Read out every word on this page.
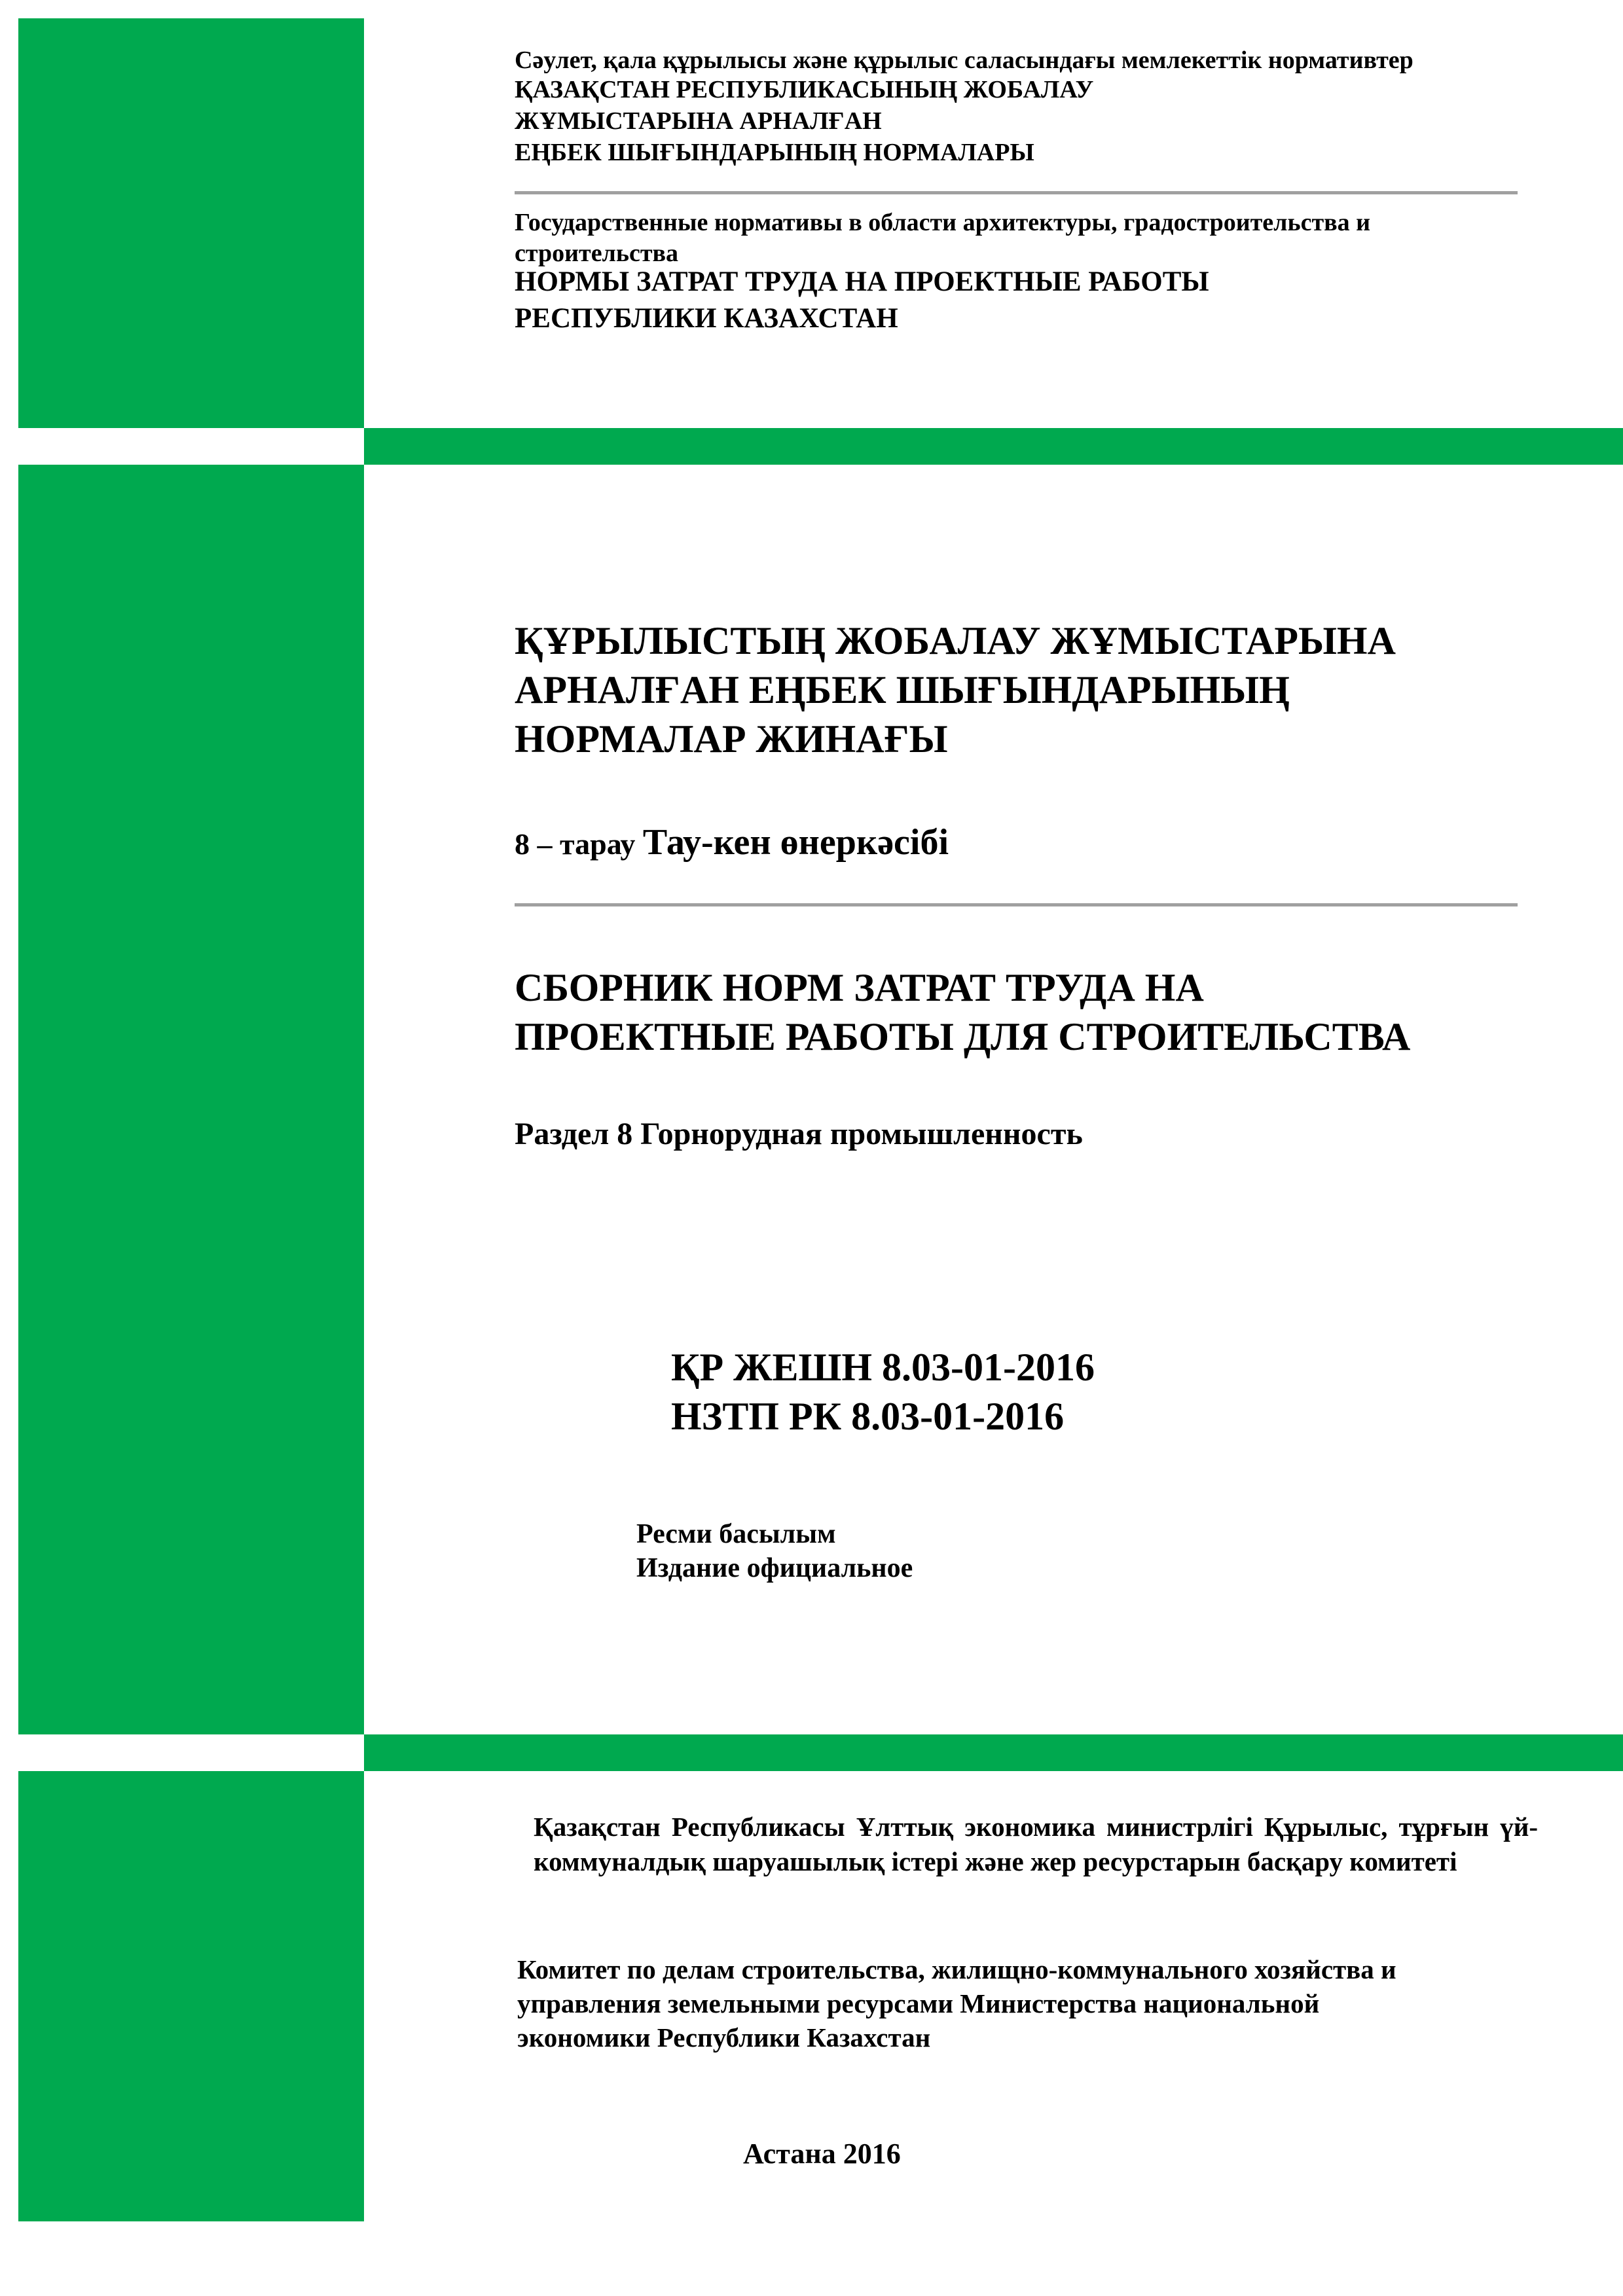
Сәулет, қала құрылысы және құрылыс саласындағы мемлекеттік нормативтер

ҚАЗАҚСТАН РЕСПУБЛИКАСЫНЫҢ ЖОБАЛАУ

ЖҰМЫСТАРЫНА АРНАЛҒАН

ЕҢБЕК ШЫҒЫНДАРЫНЫҢ НОРМАЛАРЫ

Государственные нормативы в области архитектуры, градостроительства и

строительства

НОРМЫ ЗАТРАТ ТРУДА НА ПРОЕКТНЫЕ РАБОТЫ

РЕСПУБЛИКИ КАЗАХСТАН

ҚҰРЫЛЫСТЫҢ ЖОБАЛАУ ЖҰМЫСТАРЫНА

АРНАЛҒАН ЕҢБЕК ШЫҒЫНДАРЫНЫҢ

НОРМАЛАР ЖИНАҒЫ

8 – тарау Тау-кен өнеркәсібі

СБОРНИК НОРМ ЗАТРАТ ТРУДА НА

ПРОЕКТНЫЕ РАБОТЫ ДЛЯ СТРОИТЕЛЬСТВА

Раздел 8 Горнорудная промышленность

ҚР ЖЕШН 8.03-01-2016

НЗТП РК 8.03-01-2016

Ресми басылым

Издание официальное

Қазақстан Республикасы Ұлттық экономика министрлігі Құрылыс, тұрғын үй-коммуналдық шаруашылық істері және жер ресурстарын басқару комитеті

Комитет по делам строительства, жилищно-коммунального хозяйства и

управления земельными ресурсами Министерства национальной

экономики Республики Казахстан

Астана 2016
